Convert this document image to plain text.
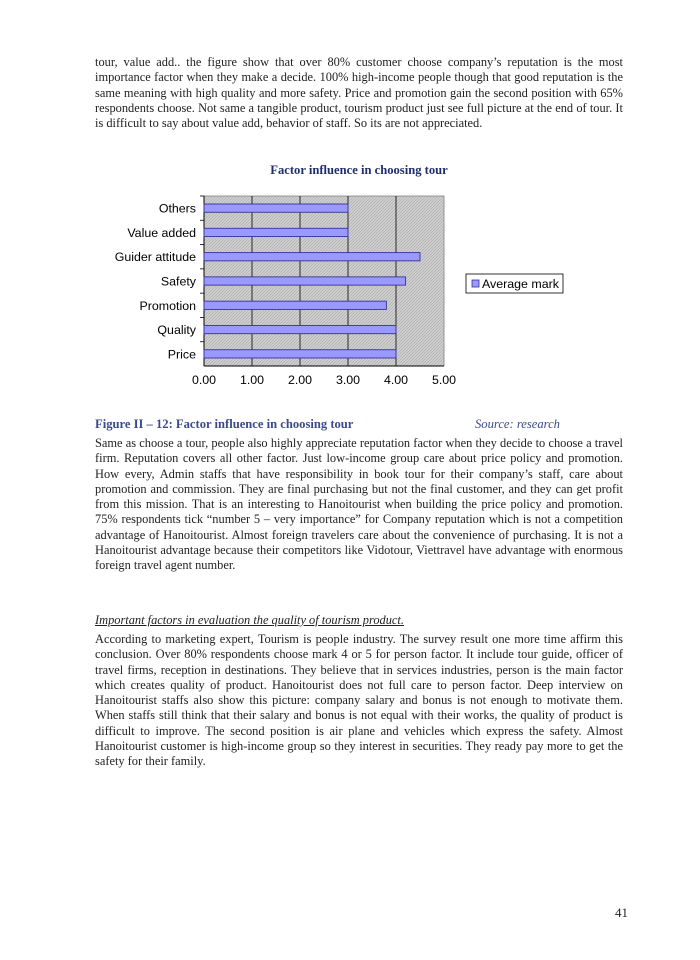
tour, value add.. the figure show that over 80% customer choose company’s reputation is the most importance factor when they make a decide. 100% high-income people though that good reputation is the same meaning with high quality and more safety. Price and promotion gain the second position with 65% respondents choose. Not same a tangible product, tourism product just see full picture at the end of tour. It is difficult to say about value add, behavior of staff. So its are not appreciated.

Factor influence in choosing tour
Others
Value added
Guider attitude
Safety
Promotion
Quality
Price
0.00 1.00 2.00 3.00 4.00 5.00
Average mark
Figure II – 12: Factor influence in choosing tour	Source: research

Same as choose a tour, people also highly appreciate reputation factor when they decide to choose a travel firm. Reputation covers all other factor. Just low-income group care about price policy and promotion. How every, Admin staffs that have responsibility in book tour for their company’s staff, care about promotion and commission. They are final purchasing but not the final customer, and they can get profit from this mission. That is an interesting to Hanoitourist when building the price policy and promotion. 75% respondents tick “number 5 – very importance” for Company reputation which is not a competition advantage of Hanoitourist. Almost foreign travelers care about the convenience of purchasing. It is not a Hanoitourist advantage because their competitors like Vidotour, Viettravel have advantage with enormous foreign travel agent number.

Important factors in evaluation the quality of tourism product.

According to marketing expert, Tourism is people industry. The survey result one more time affirm this conclusion. Over 80% respondents choose mark 4 or 5 for person factor. It include tour guide, officer of travel firms, reception in destinations. They believe that in services industries, person is the main factor which creates quality of product. Hanoitourist does not full care to person factor. Deep interview on Hanoitourist staffs also show this picture: company salary and bonus is not enough to motivate them. When staffs still think that their salary and bonus is not equal with their works, the quality of product is difficult to improve. The second position is air plane and vehicles which express the safety. Almost Hanoitourist customer is high-income group so they interest in securities. They ready pay more to get the safety for their family.

41
